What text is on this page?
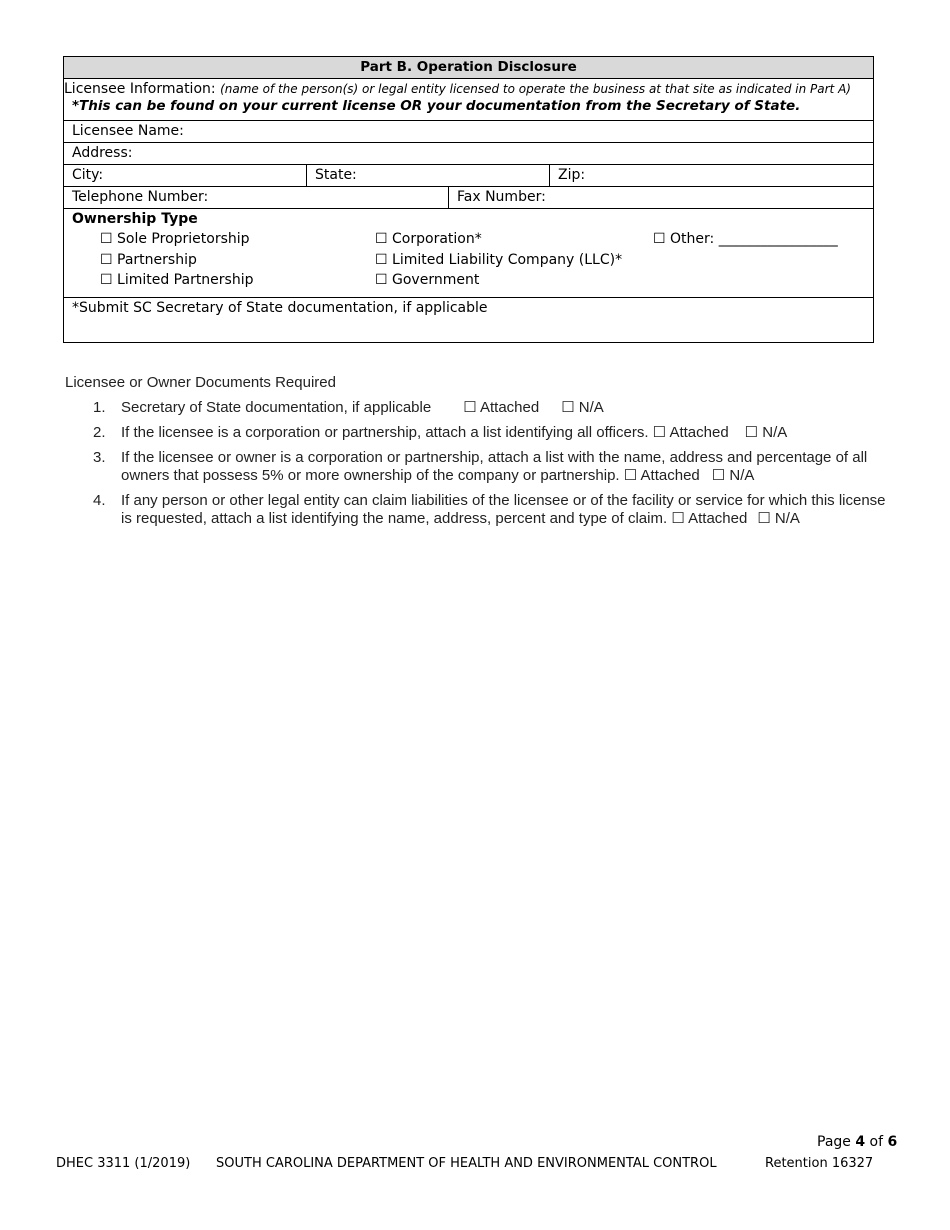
Part B. Operation Disclosure
Licensee Information: (name of the person(s) or legal entity licensed to operate the business at that site as indicated in Part A)
*This can be found on your current license OR your documentation from the Secretary of State.
Licensee Name:
Address:
City:	State:	Zip:
Telephone Number:	Fax Number:
Ownership Type
☐ Sole Proprietorship
☐ Partnership
☐ Limited Partnership
☐ Corporation*
☐ Limited Liability Company (LLC)*
☐ Government
☐ Other: _________________
*Submit SC Secretary of State documentation, if applicable
Licensee or Owner Documents Required
1.	Secretary of State documentation, if applicable ☐ Attached ☐ N/A
2.	If the licensee is a corporation or partnership, attach a list identifying all officers. ☐ Attached ☐ N/A
3.	If the licensee or owner is a corporation or partnership, attach a list with the name, address and percentage of all owners that possess 5% or more ownership of the company or partnership. ☐ Attached ☐ N/A
4.	If any person or other legal entity can claim liabilities of the licensee or of the facility or service for which this license is requested, attach a list identifying the name, address, percent and type of claim. ☐ Attached ☐ N/A
Page 4 of 6
DHEC 3311 (1/2019) SOUTH CAROLINA DEPARTMENT OF HEALTH AND ENVIRONMENTAL CONTROL	Retention 16327
